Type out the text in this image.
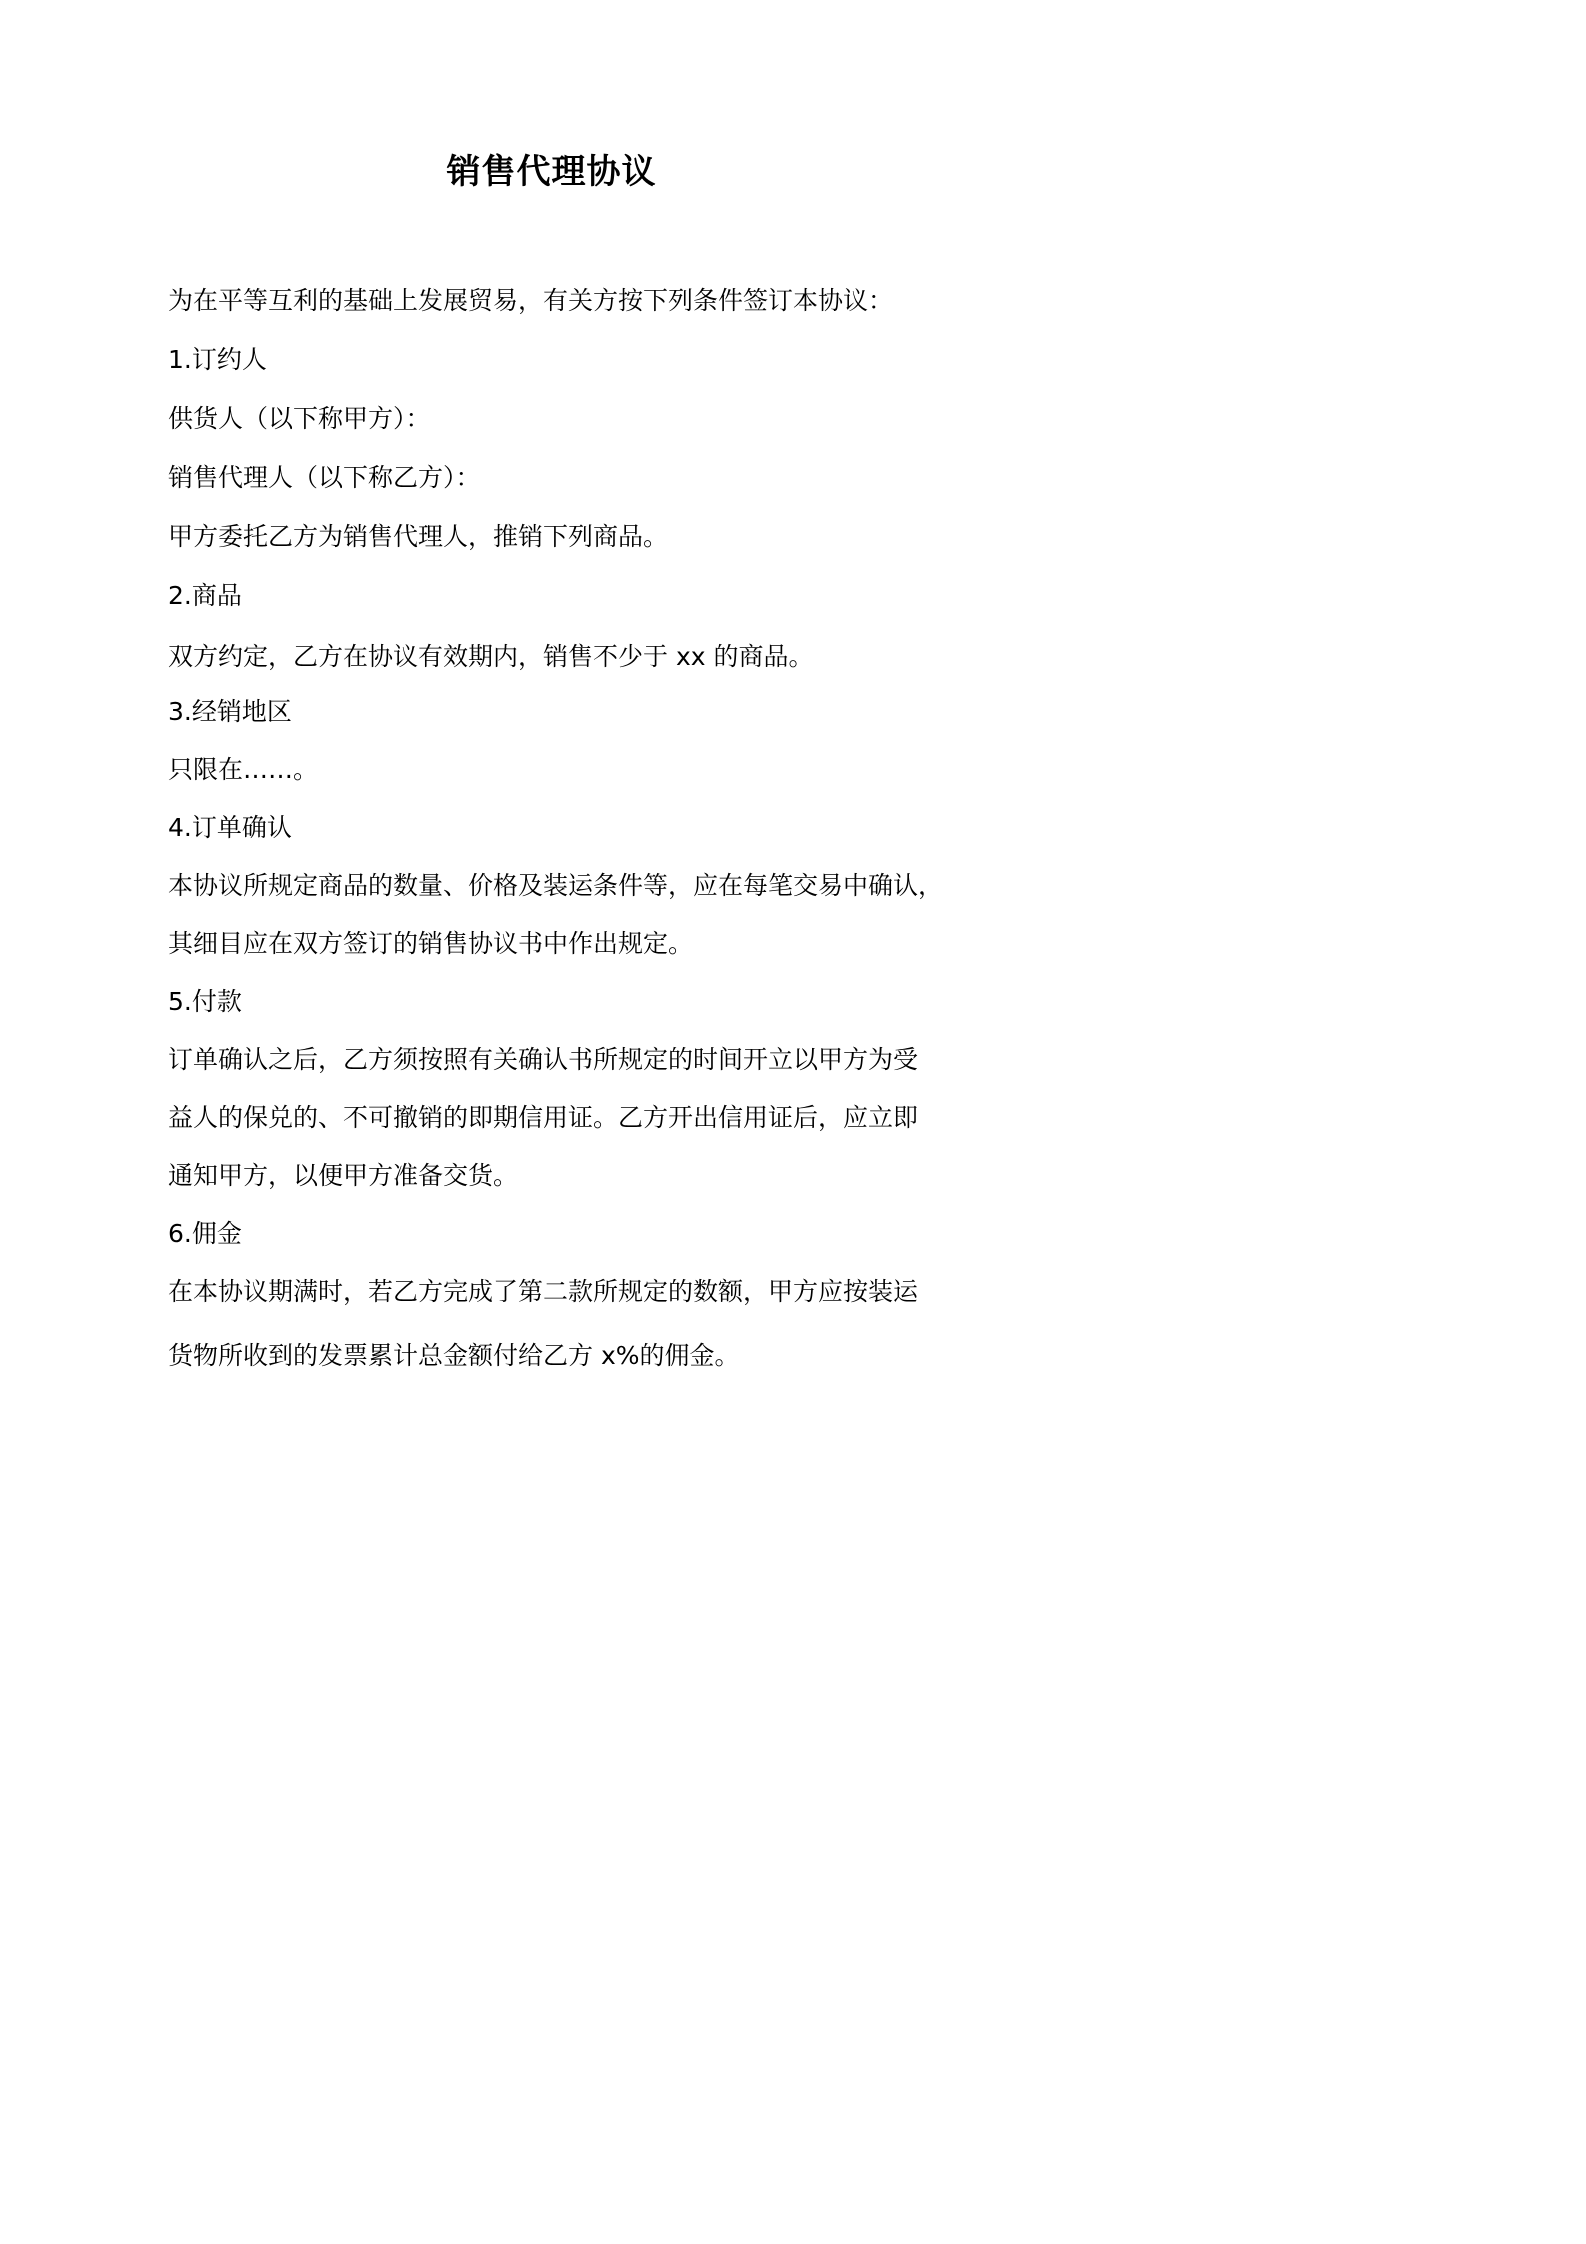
销售代理协议
为在平等互利的基础上发展贸易，有关方按下列条件签订本协议：
1.订约人
供货人（以下称甲方）：
销售代理人（以下称乙方）：
甲方委托乙方为销售代理人，推销下列商品。
2.商品
双方约定，乙方在协议有效期内，销售不少于 xx 的商品。
3.经销地区
只限在……。
4.订单确认
本协议所规定商品的数量、价格及装运条件等，应在每笔交易中确认，
其细目应在双方签订的销售协议书中作出规定。
5.付款
订单确认之后，乙方须按照有关确认书所规定的时间开立以甲方为受
益人的保兑的、不可撤销的即期信用证。乙方开出信用证后，应立即
通知甲方，以便甲方准备交货。
6.佣金
在本协议期满时，若乙方完成了第二款所规定的数额，甲方应按装运
货物所收到的发票累计总金额付给乙方 x%的佣金。
